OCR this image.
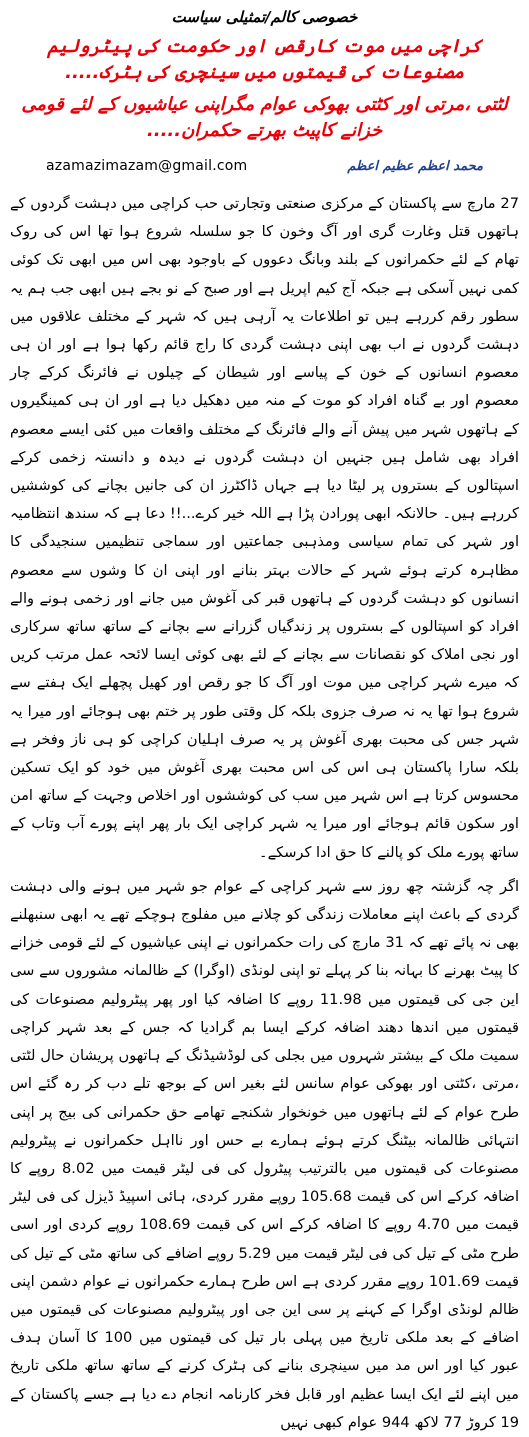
خصوصی کالم/تمثیلی سیاست
کراچی میں موت کارقص اور حکومت کی پیٹرولیم مصنوعات کی قیمتوں میں سینچری کی ہٹرک.....
لٹتی ،مرتی اور کٹتی بھوکی عوام مگراپنی عیاشیوں کے لئے قومی خزانے کاپیٹ بھرتے حکمران.....
azamazimazam@gmail.com	محمد اعظم عظیم اعظم

27 مارچ سے پاکستان کے مرکزی صنعتی وتجارتی حب کراچی میں دہشت گردوں کے ہاتھوں قتل وغارت گری اور آگ وخون کا جو سلسلہ شروع ہوا تھا اس کی روک تھام کے لئے حکمرانوں کے بلند وبانگ دعووں کے باوجود بھی اس میں ابھی تک کوئی کمی نہیں آسکی ہے جبکہ آج کیم اپریل ہے اور صبح کے نو بجے ہیں ابھی جب ہم یہ سطور رقم کررہے ہیں تو اطلاعات یہ آرہی ہیں کہ شہر کے مختلف علاقوں میں دہشت گردوں نے اب بھی اپنی دہشت گردی کا راج قائم رکھا ہوا ہے اور ان ہی معصوم انسانوں کے خون کے پیاسے اور شیطان کے چیلوں نے فائرنگ کرکے چار معصوم اور بے گناہ افراد کو موت کے منہ میں دھکیل دیا ہے اور ان ہی کمینگیروں کے ہاتھوں شہر میں پیش آنے والے فائرنگ کے مختلف واقعات میں کئی ایسے معصوم افراد بھی شامل ہیں جنہیں ان دہشت گردوں نے دیدہ و دانستہ زخمی کرکے اسپتالوں کے بستروں پر لیٹا دیا ہے جہاں ڈاکٹرز ان کی جانیں بچانے کی کوششیں کررہے ہیں۔ حالانکہ ابھی پورادن پڑا ہے اللہ خیر کرے...!! دعا ہے کہ سندھ انتظامیہ اور شہر کی تمام سیاسی ومذہبی جماعتیں اور سماجی تنظیمیں سنجیدگی کا مظاہرہ کرتے ہوئے شہر کے حالات بہتر بنانے اور اپنی ان کا وشوں سے معصوم انسانوں کو دہشت گردوں کے ہاتھوں قبر کی آغوش میں جانے اور زخمی ہونے والے افراد کو اسپتالوں کے بستروں پر زندگیاں گزرانے سے بچانے کے ساتھ ساتھ سرکاری اور نجی املاک کو نقصانات سے بچانے کے لئے بھی کوئی ایسا لائحہ عمل مرتب کریں کہ میرے شہر کراچی میں موت اور آگ کا جو رقص اور کھیل پچھلے ایک ہفتے سے شروع ہوا تھا یہ نہ صرف جزوی بلکہ کل وقتی طور پر ختم بھی ہوجائے اور میرا یہ شہر جس کی محبت بھری آغوش پر یہ صرف اہلیان کراچی کو ہی ناز وفخر ہے بلکہ سارا پاکستان ہی اس کی اس محبت بھری آغوش میں خود کو ایک تسکین محسوس کرتا ہے اس شہر میں سب کی کوششوں اور اخلاص وجہت کے ساتھ امن اور سکون قائم ہوجائے اور میرا یہ شہر کراچی ایک بار پھر اپنے پورے آب وتاب کے ساتھ پورے ملک کو پالنے کا حق ادا کرسکے۔

اگر چہ گزشتہ چھ روز سے شہر کراچی کے عوام جو شہر میں ہونے والی دہشت گردی کے باعث اپنے معاملات زندگی کو چلانے میں مفلوج ہوچکے تھے یہ ابھی سنبھلنے بھی نہ پائے تھے کہ 31 مارچ کی رات حکمرانوں نے اپنی عیاشیوں کے لئے قومی خزانے کا پیٹ بھرنے کا بہانہ بنا کر پہلے تو اپنی لونڈی (اوگرا) کے ظالمانہ مشوروں سے سی این جی کی قیمتوں میں 11.98 روپے کا اضافہ کیا اور پھر پیٹرولیم مصنوعات کی قیمتوں میں اندھا دھند اضافہ کرکے ایسا بم گرادیا کہ جس کے بعد شہر کراچی سمیت ملک کے بیشتر شہروں میں بجلی کی لوڈشیڈنگ کے ہاتھوں پریشان حال لٹتی ،مرتی ،کٹتی اور بھوکی عوام سانس لئے بغیر اس کے بوجھ تلے دب کر رہ گئے اس طرح عوام کے لئے ہاتھوں میں خونخوار شکنجے تھامے حق حکمرانی کی بیج پر اپنی انتہائی ظالمانہ بیٹنگ کرتے ہوئے ہمارے بے حس اور نااہل حکمرانوں نے پیٹرولیم مصنوعات کی قیمتوں میں بالترتیب پیٹرول کی فی لیٹر قیمت میں 8.02 روپے کا اضافہ کرکے اس کی قیمت 105.68 روپے مقرر کردی، ہائی اسپیڈ ڈیزل کی فی لیٹر قیمت میں 4.70 روپے کا اضافہ کرکے اس کی قیمت 108.69 روپے کردی اور اسی طرح مٹی کے تیل کی فی لیٹر قیمت میں 5.29 روپے اضافے کی ساتھ مٹی کے تیل کی قیمت 101.69 روپے مقرر کردی ہے اس طرح ہمارے حکمرانوں نے عوام دشمن اپنی ظالم لونڈی اوگرا کے کہنے پر سی این جی اور پیٹرولیم مصنوعات کی قیمتوں میں اضافے کے بعد ملکی تاریخ میں پہلی بار تیل کی قیمتوں میں 100 کا آسان ہدف عبور کیا اور اس مد میں سینچری بنانے کی ہٹرک کرنے کے ساتھ ساتھ ملکی تاریخ میں اپنے لئے ایک ایسا عظیم اور قابل فخر کارنامہ انجام دے دیا ہے جسے پاکستان کے 19 کروڑ 77 لاکھ 944 عوام کبھی نہیں
